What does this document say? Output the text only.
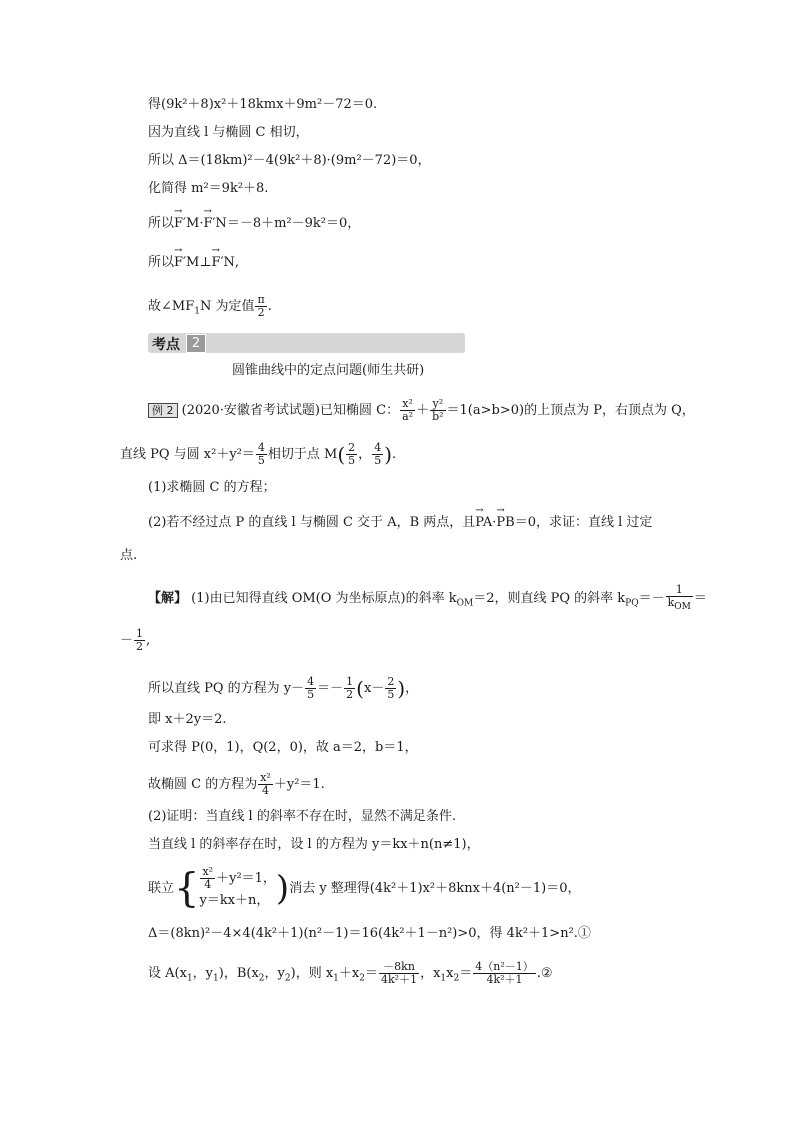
得(9k²＋8)x²＋18kmx＋9m²－72＝0.
因为直线 l 与椭圆 C 相切，
所以 Δ＝(18km)²－4(9k²＋8)·(9m²－72)＝0，
化简得 m²＝9k²＋8.
所以→ F′M·→ F′N＝－8＋m²－9k²＝0，
所以→ F′M⊥→ F′N,
故$\angle MF_1N$ 为定值 $\frac{\pi}{2}$ .
考点 2
圆锥曲线中的定点问题(师生共研)
例 2 (2020·安徽省考试试题)已知椭圆 C： $\frac{\text{x²}}{\text{a²}} + \frac{\text{y²}}{\text{b²}} =1(a>b>0)$的上顶点为 P，右顶点为 Q，
直线 PQ 与圆 $x^2+y^2= \frac{4}{5}$ 相切于点 $M( \frac{2}{5}$ ， $\frac{4}{5}$ ).
(1)求椭圆 C 的方程；
(2)若不经过点 P 的直线 l 与椭圆 C 交于 A，B 两点，且→ PA·→ PB＝0，求证：直线 l 过定
点.
【解】 (1)由已知得直线 OM(O 为坐标原点)的斜率 $k_{OM}=2$，则直线 PQ 的斜率 $k_{PQ}=- \frac{1}{k_{OM}}$ ＝
－ $\frac{1}{2}$ ,
所以直线 PQ 的方程为 $y- \frac{4}{5} =- \frac{1}{2} (x- \frac{2}{5}$ )，
即 x＋2y＝2.
可求得 P(0，1)，Q(2，0)，故 a＝2，b＝1，
故椭圆 C 的方程为 $\frac{\text{x²}}{4} +y^2=1$.
(2)证明：当直线 l 的斜率不存在时，显然不满足条件.
当直线 l 的斜率存在时，设 l 的方程为 y＝kx＋n(n≠1)，
联立{ $\frac{\text{x²}}{4} +y^2=1$，
y＝kx＋n， )消去 y 整理得(4k²＋1)x²＋8knx＋4(n²－1)＝0，
Δ＝(8kn)²－4×4(4k²＋1)(n²－1)＝16(4k²＋1－n²)>0，得 4k²＋1>n².①
设 $A(x_1$，$y_1$)，$B(x_2$，$y_2$)，则 $x_1+x_2= \frac{-8kn}{\text{4k²＋1}}$ ，$x_1x_2= \frac{\text{4（n²－1）}}{\text{4k²＋1}}$ .②
